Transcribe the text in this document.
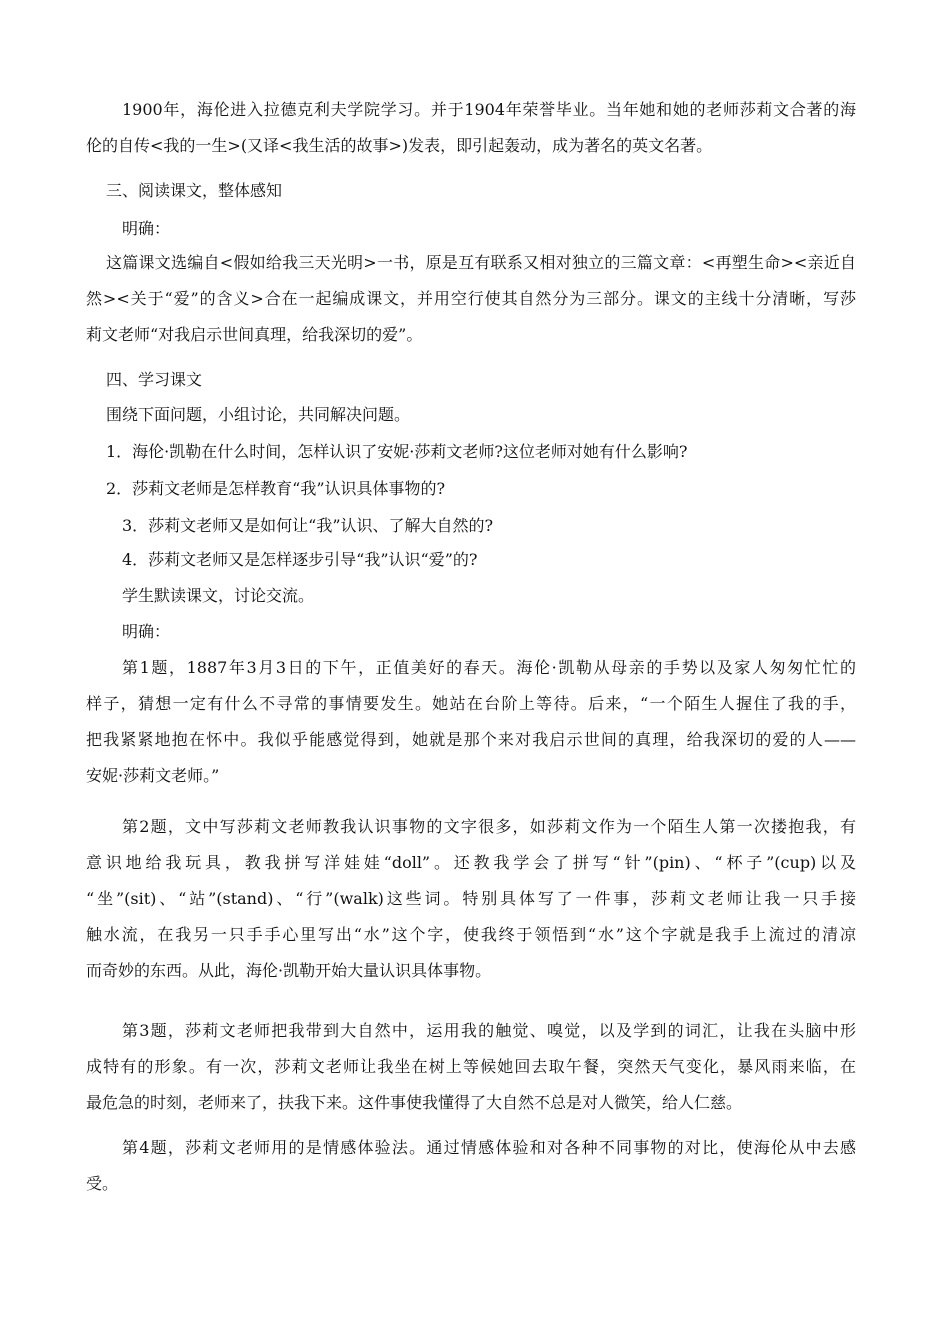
1900年，海伦进入拉德克利夫学院学习。并于1904年荣誉毕业。当年她和她的老师莎莉文合著的海
伦的自传<我的一生>(又译<我生活的故事>)发表，即引起轰动，成为著名的英文名著。
三、阅读课文，整体感知
明确：
这篇课文选编自<假如给我三天光明>一书，原是互有联系又相对独立的三篇文章：<再塑生命><亲近自
然><关于“爱”的含义>合在一起编成课文，并用空行使其自然分为三部分。课文的主线十分清晰，写莎
莉文老师“对我启示世间真理，给我深切的爱”。
四、学习课文
围绕下面问题，小组讨论，共同解决问题。
1．海伦·凯勒在什么时间，怎样认识了安妮·莎莉文老师?这位老师对她有什么影响?
2．莎莉文老师是怎样教育“我”认识具体事物的?
3．莎莉文老师又是如何让“我”认识、了解大自然的?
4．莎莉文老师又是怎样逐步引导“我”认识“爱”的?
学生默读课文，讨论交流。
明确：
第1题，1887年3月3日的下午，正值美好的春天。海伦·凯勒从母亲的手势以及家人匆匆忙忙的
样子，猜想一定有什么不寻常的事情要发生。她站在台阶上等待。后来，“一个陌生人握住了我的手，
把我紧紧地抱在怀中。我似乎能感觉得到，她就是那个来对我启示世间的真理，给我深切的爱的人——
安妮·莎莉文老师。”
第2题，文中写莎莉文老师教我认识事物的文字很多，如莎莉文作为一个陌生人第一次搂抱我，有
意识地给我玩具，教我拼写洋娃娃“doll”。还教我学会了拼写“针”(pin)、“杯子”(cup)以及
“坐”(sit)、“站”(stand)、“行”(walk)这些词。特别具体写了一件事，莎莉文老师让我一只手接
触水流，在我另一只手手心里写出“水”这个字，使我终于领悟到“水”这个字就是我手上流过的清凉
而奇妙的东西。从此，海伦·凯勒开始大量认识具体事物。
第3题，莎莉文老师把我带到大自然中，运用我的触觉、嗅觉，以及学到的词汇，让我在头脑中形
成特有的形象。有一次，莎莉文老师让我坐在树上等候她回去取午餐，突然天气变化，暴风雨来临，在
最危急的时刻，老师来了，扶我下来。这件事使我懂得了大自然不总是对人微笑，给人仁慈。
第4题，莎莉文老师用的是情感体验法。通过情感体验和对各种不同事物的对比，使海伦从中去感
受。
